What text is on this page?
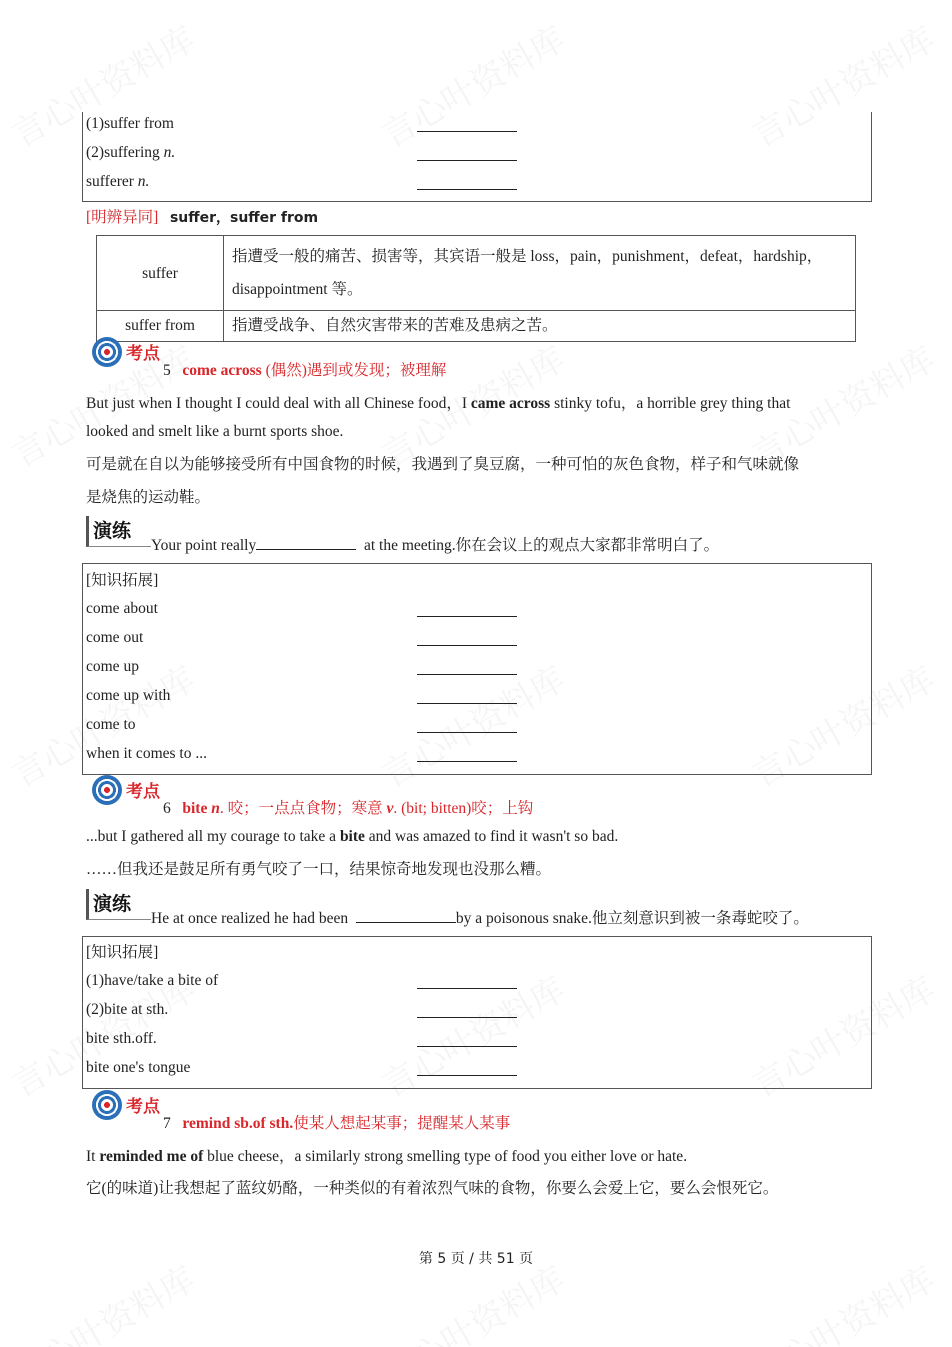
(1)suffer from
(2)suffering n.
sufferer n.
[明辨异同] suffer，suffer from
suffer	指遭受一般的痛苦、损害等，其宾语一般是 loss，pain，punishment，defeat，hardship，disappointment 等。
suffer from	指遭受战争、自然灾害带来的苦难及患病之苦。
考点
5 come across (偶然)遇到或发现；被理解
But just when I thought I could deal with all Chinese food，I came across stinky tofu，a horrible grey thing that
looked and smelt like a burnt sports shoe.
可是就在自以为能够接受所有中国食物的时候，我遇到了臭豆腐，一种可怕的灰色食物，样子和气味就像
是烧焦的运动鞋。
演练
Your point really	at the meeting.你在会议上的观点大家都非常明白了。
[知识拓展]
come about
come out
come up
come up with
come to
when it comes to ...
考点
6 bite n. 咬；一点点食物；寒意 v. (bit; bitten)咬；上钩
...but I gathered all my courage to take a bite and was amazed to find it wasn't so bad.
……但我还是鼓足所有勇气咬了一口，结果惊奇地发现也没那么糟。
演练
He at once realized he had been	by a poisonous snake.他立刻意识到被一条毒蛇咬了。
[知识拓展]
(1)have/take a bite of
(2)bite at sth.
bite sth.off.
bite one's tongue
考点
7 remind sb.of sth.使某人想起某事；提醒某人某事
It reminded me of blue cheese，a similarly strong smelling type of food you either love or hate.
它(的味道)让我想起了蓝纹奶酪，一种类似的有着浓烈气味的食物，你要么会爱上它，要么会恨死它。
第 5 页 / 共 51 页
